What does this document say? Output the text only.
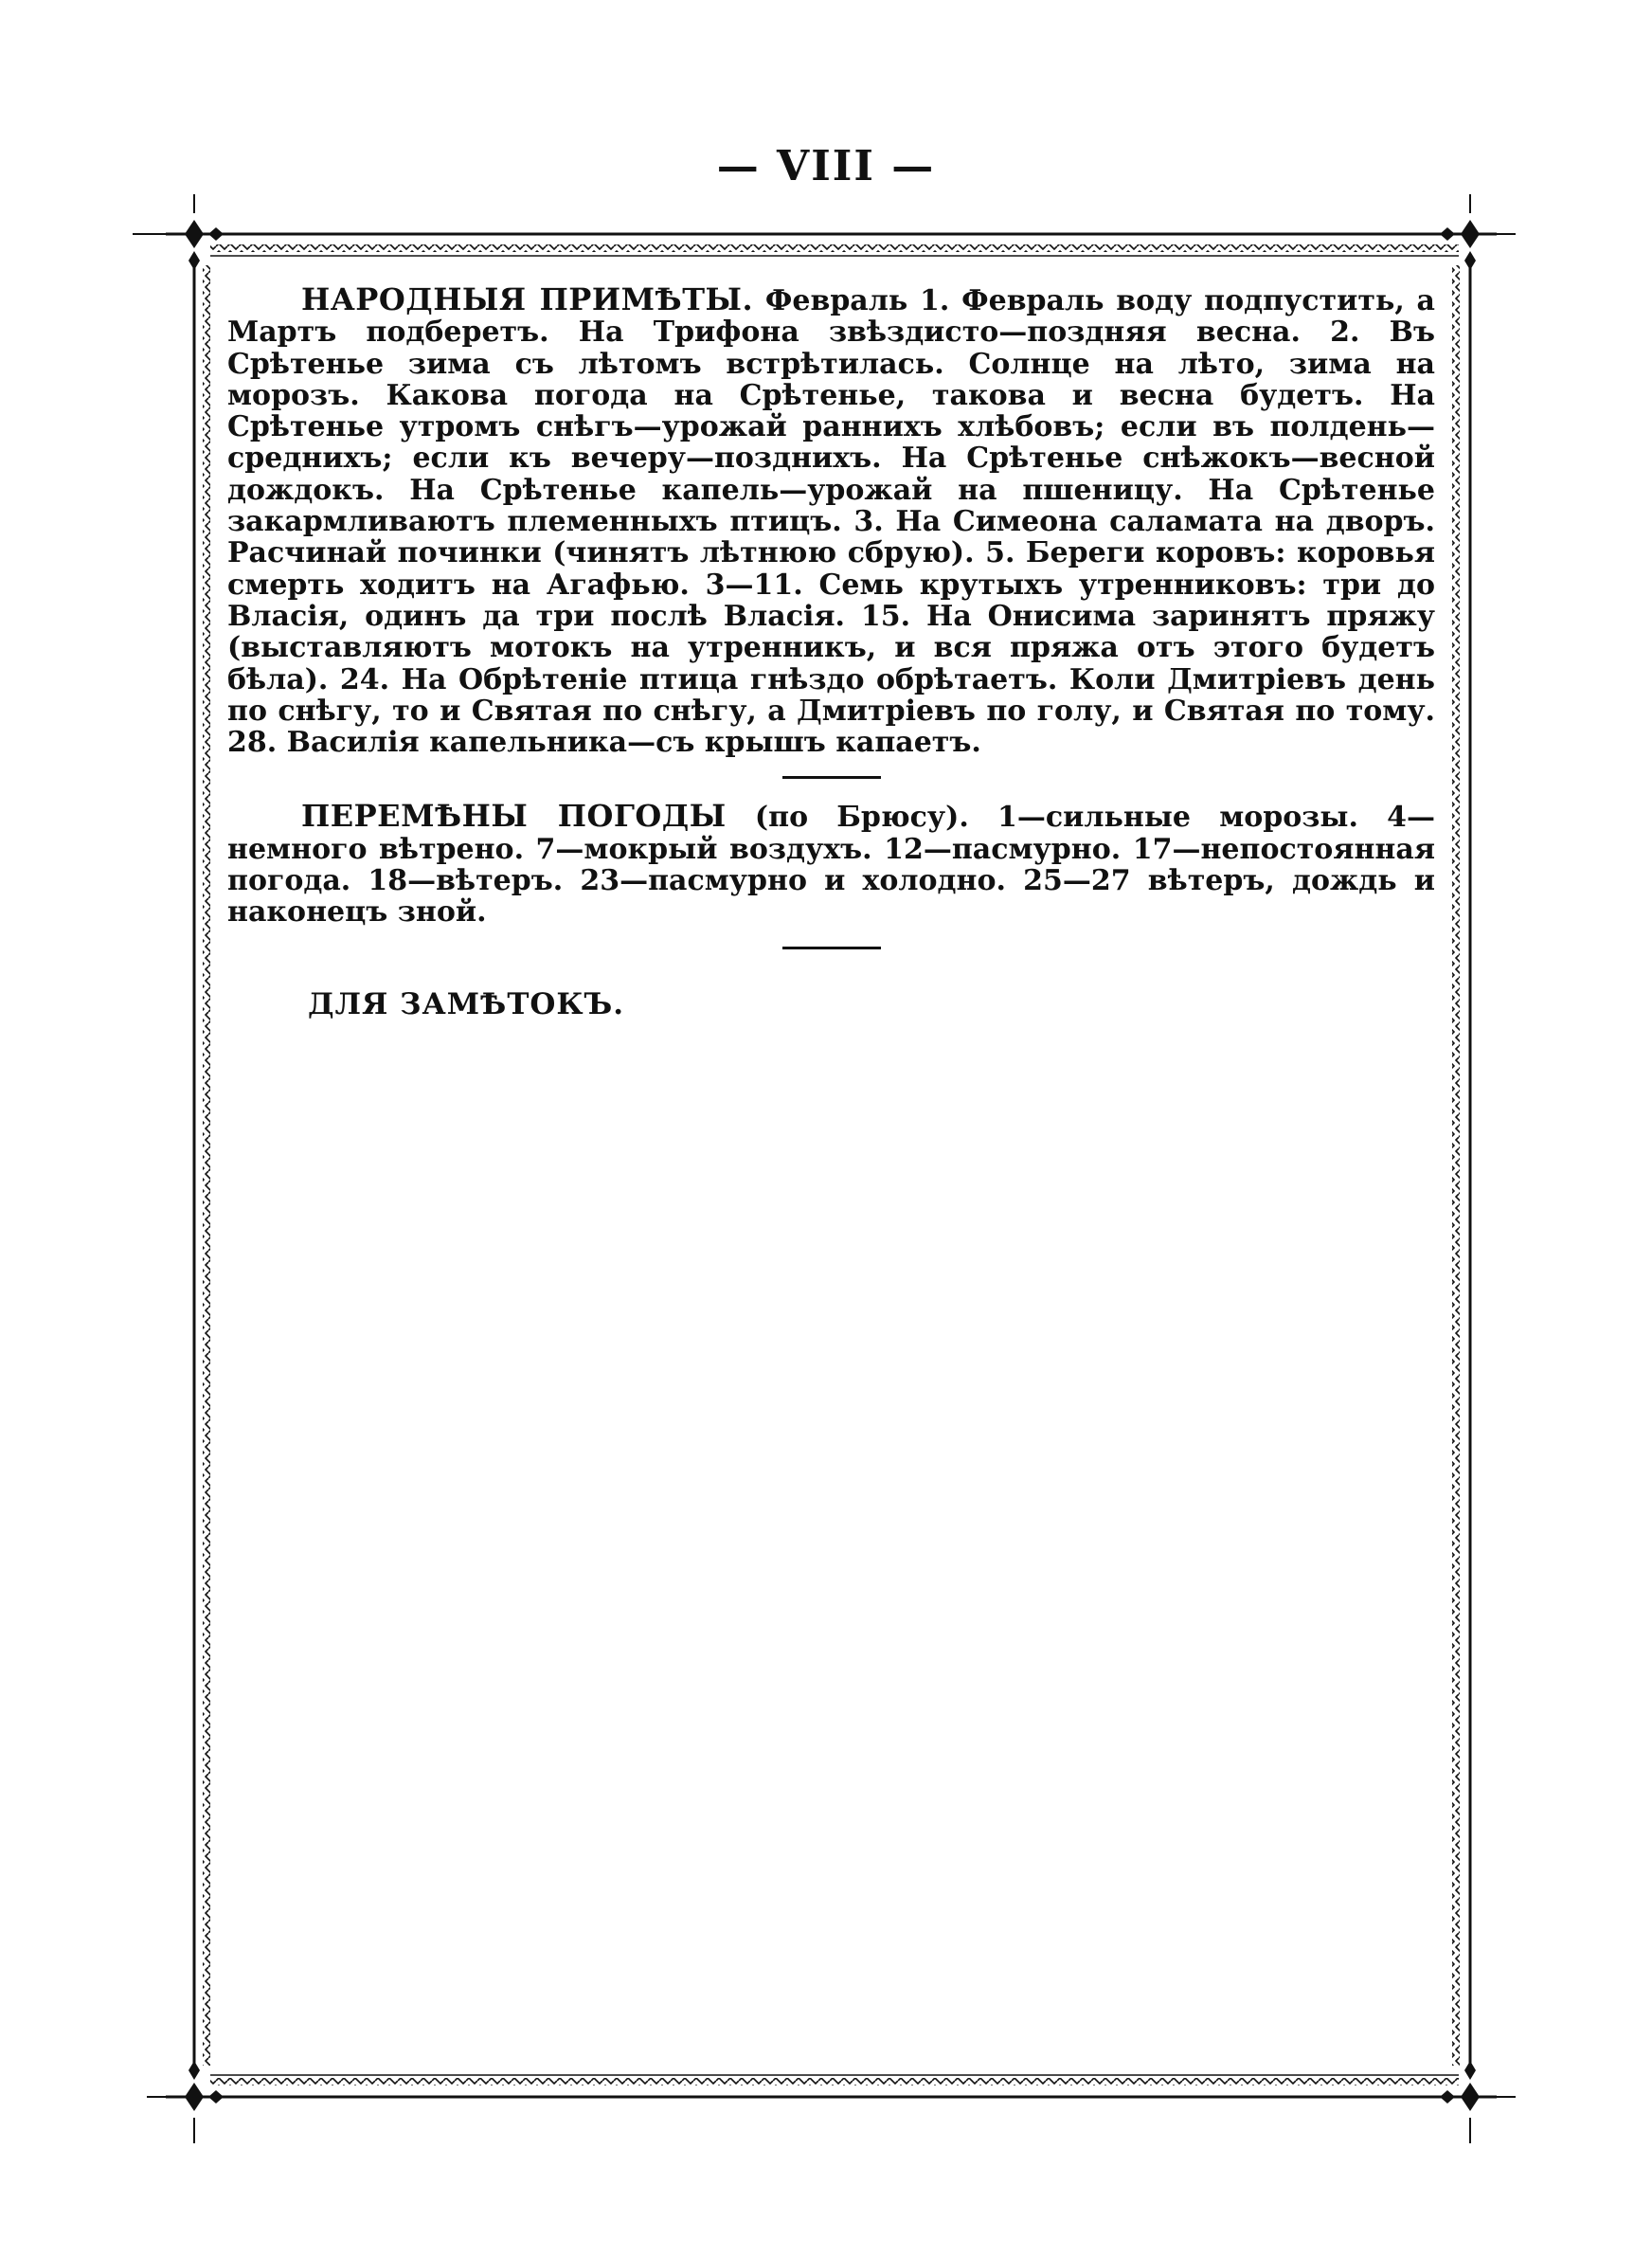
— VIII —

НАРОДНЫЯ ПРИМѢТЫ. Февраль 1. Февраль воду подпустить, а Мартъ подберетъ. На Трифона звѣздисто—поздняя весна. 2. Въ Срѣтенье зима съ лѣтомъ встрѣтилась. Солнце на лѣто, зима на морозъ. Какова погода на Срѣтенье, такова и весна будетъ. На Срѣтенье утромъ снѣгъ—урожай раннихъ хлѣбовъ; если въ полдень—среднихъ; если къ вечеру—позднихъ. На Срѣтенье снѣжокъ—весной дождокъ. На Срѣтенье капель—урожай на пшеницу. На Срѣтенье закармливаютъ племенныхъ птицъ. 3. На Симеона саламата на дворъ. Расчинай починки (чинятъ лѣтнюю сбрую). 5. Береги коровъ: коровья смерть ходитъ на Агафью. 3—11. Семь крутыхъ утренниковъ: три до Власія, одинъ да три послѣ Власія. 15. На Онисима заринятъ пряжу (выставляютъ мотокъ на утренникъ, и вся пряжа отъ этого будетъ бѣла). 24. На Обрѣтеніе птица гнѣздо обрѣтаетъ. Коли Дмитріевъ день по снѣгу, то и Святая по снѣгу, а Дмитріевъ по голу, и Святая по тому. 28. Василія капельника—съ крышъ капаетъ.

ПЕРЕМѢНЫ ПОГОДЫ (по Брюсу). 1—сильные морозы. 4—немного вѣтрено. 7—мокрый воздухъ. 12—пасмурно. 17—непостоянная погода. 18—вѣтеръ. 23—пасмурно и холодно. 25—27 вѣтеръ, дождь и наконецъ зной.

ДЛЯ ЗАМѢТОКЪ.
